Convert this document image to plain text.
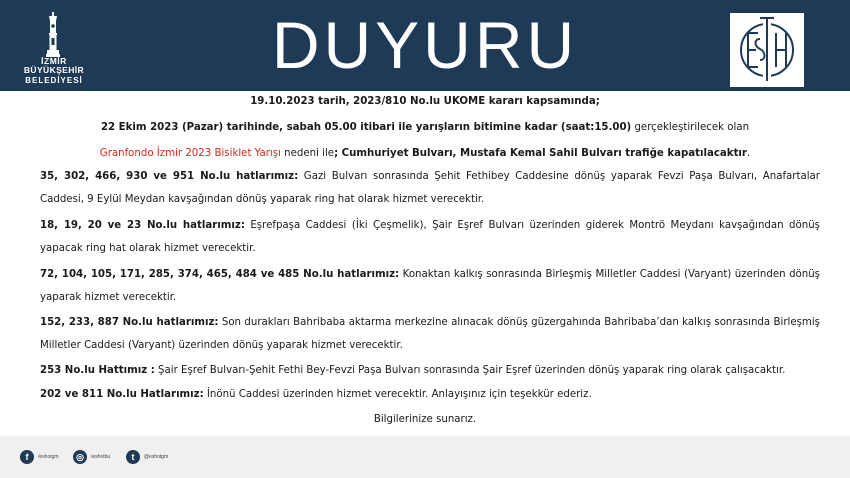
İZMİR
BÜYÜKŞEHİR
BELEDİYESİ	DUYURU
19.10.2023 tarih, 2023/810 No.lu UKOME kararı kapsamında;
22 Ekim 2023 (Pazar) tarihinde, sabah 05.00 itibari ile yarışların bitimine kadar (saat:15.00) gerçekleştirilecek olan
Granfondo İzmir 2023 Bisiklet Yarışı nedeni ile; Cumhuriyet Bulvarı, Mustafa Kemal Sahil Bulvarı trafiğe kapatılacaktır.
35, 302, 466, 930 ve 951 No.lu hatlarımız: Gazi Bulvarı sonrasında Şehit Fethibey Caddesine dönüş yaparak Fevzi Paşa Bulvarı, Anafartalar Caddesi, 9 Eylül Meydan kavşağından dönüş yaparak ring hat olarak hizmet verecektir.
18, 19, 20 ve 23 No.lu hatlarımız: Eşrefpaşa Caddesi (İki Çeşmelik), Şair Eşref Bulvarı üzerinden giderek Montrö Meydanı kavşağından dönüş yapacak ring hat olarak hizmet verecektir.
72, 104, 105, 171, 285, 374, 465, 484 ve 485 No.lu hatlarımız: Konaktan kalkış sonrasında Birleşmiş Milletler Caddesi (Varyant) üzerinden dönüş yaparak hizmet verecektir.
152, 233, 887 No.lu hatlarımız: Son durakları Bahribaba aktarma merkezine alınacak dönüş güzergahında Bahribaba’dan kalkış sonrasında Birleşmiş Milletler Caddesi (Varyant) üzerinden dönüş yaparak hizmet verecektir.
253 No.lu Hattımız : Şair Eşref Bulvarı-Şehit Fethi Bey-Fevzi Paşa Bulvarı sonrasında Şair Eşref üzerinden dönüş yaparak ring olarak çalışacaktır.
202 ve 811 No.lu Hatlarımız: İnönü Caddesi üzerinden hizmet verecektir. Anlayışınız için teşekkür ederiz.
Bilgilerinize sunarız.
f	/eshotgm	◎	/eshotbu	t	@eshotgm
